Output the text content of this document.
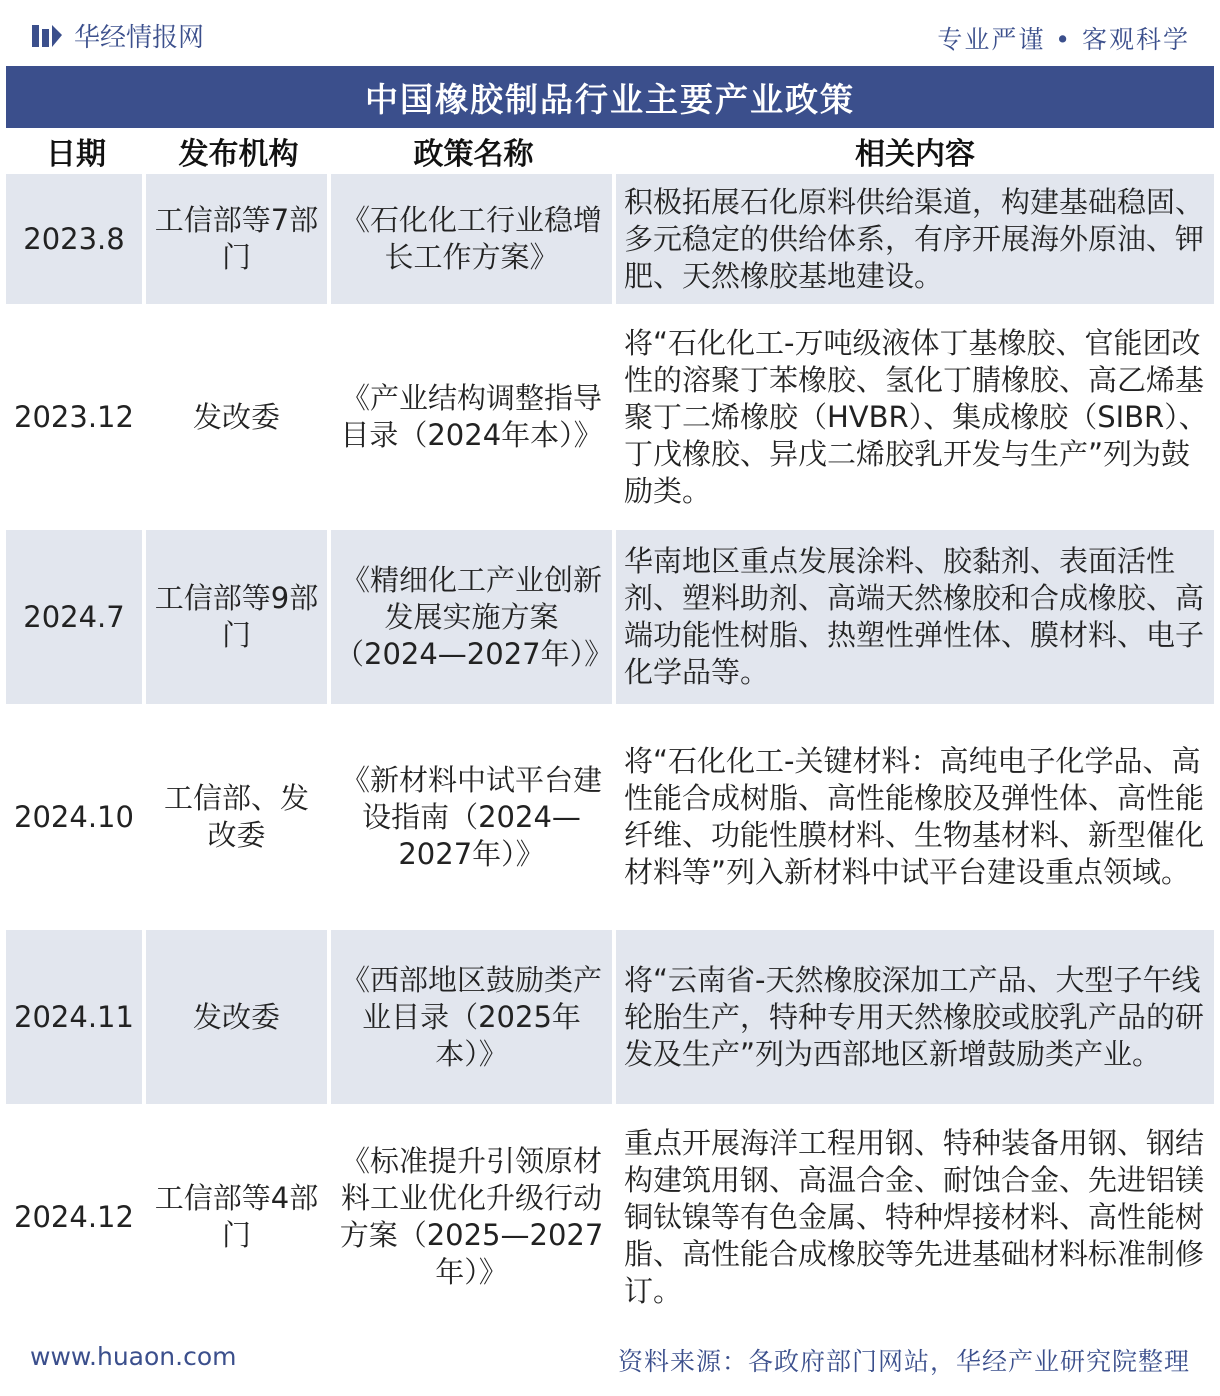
华经情报网	专业严谨 • 客观科学
中国橡胶制品行业主要产业政策
日期	发布机构	政策名称	相关内容
2023.8	工信部等7部门	《石化化工行业稳增长工作方案》	积极拓展石化原料供给渠道，构建基础稳固、多元稳定的供给体系，有序开展海外原油、钾肥、天然橡胶基地建设。
2023.12	发改委	《产业结构调整指导目录（2024年本）》	将“石化化工-万吨级液体丁基橡胶、官能团改性的溶聚丁苯橡胶、氢化丁腈橡胶、高乙烯基聚丁二烯橡胶（HVBR）、集成橡胶（SIBR）、丁戊橡胶、异戊二烯胶乳开发与生产”列为鼓励类。
2024.7	工信部等9部门	《精细化工产业创新发展实施方案（2024—2027年）》	华南地区重点发展涂料、胶黏剂、表面活性剂、塑料助剂、高端天然橡胶和合成橡胶、高端功能性树脂、热塑性弹性体、膜材料、电子化学品等。
2024.10	工信部、发改委	《新材料中试平台建设指南（2024—2027年）》	将“石化化工-关键材料：高纯电子化学品、高性能合成树脂、高性能橡胶及弹性体、高性能纤维、功能性膜材料、生物基材料、新型催化材料等”列入新材料中试平台建设重点领域。
2024.11	发改委	《西部地区鼓励类产业目录（2025年本）》	将“云南省-天然橡胶深加工产品、大型子午线轮胎生产，特种专用天然橡胶或胶乳产品的研发及生产”列为西部地区新增鼓励类产业。
2024.12	工信部等4部门	《标准提升引领原材料工业优化升级行动方案（2025—2027年）》	重点开展海洋工程用钢、特种装备用钢、钢结构建筑用钢、高温合金、耐蚀合金、先进铝镁铜钛镍等有色金属、特种焊接材料、高性能树脂、高性能合成橡胶等先进基础材料标准制修订。
www.huaon.com	资料来源：各政府部门网站，华经产业研究院整理
